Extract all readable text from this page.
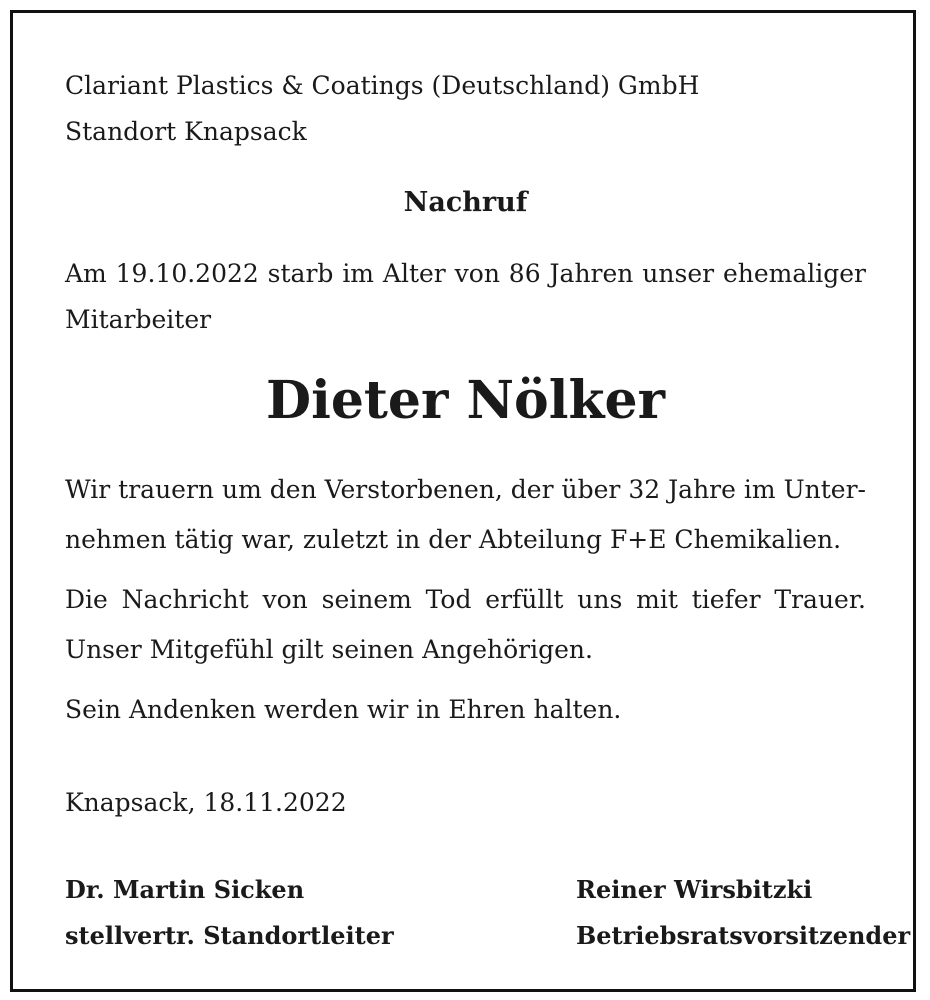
Clariant Plastics & Coatings (Deutschland) GmbH

Standort Knapsack

Nachruf

Am 19.10.2022 starb im Alter von 86 Jahren unser ehemaliger Mitarbeiter

Dieter Nölker

Wir trauern um den Verstorbenen, der über 32 Jahre im Unternehmen tätig war, zuletzt in der Abteilung F+E Chemikalien.

Die Nachricht von seinem Tod erfüllt uns mit tiefer Trauer. Unser Mitgefühl gilt seinen Angehörigen.

Sein Andenken werden wir in Ehren halten.

Knapsack, 18.11.2022

Dr. Martin Sicken
stellvertr. Standortleiter
Reiner Wirsbitzki
Betriebsratsvorsitzender
